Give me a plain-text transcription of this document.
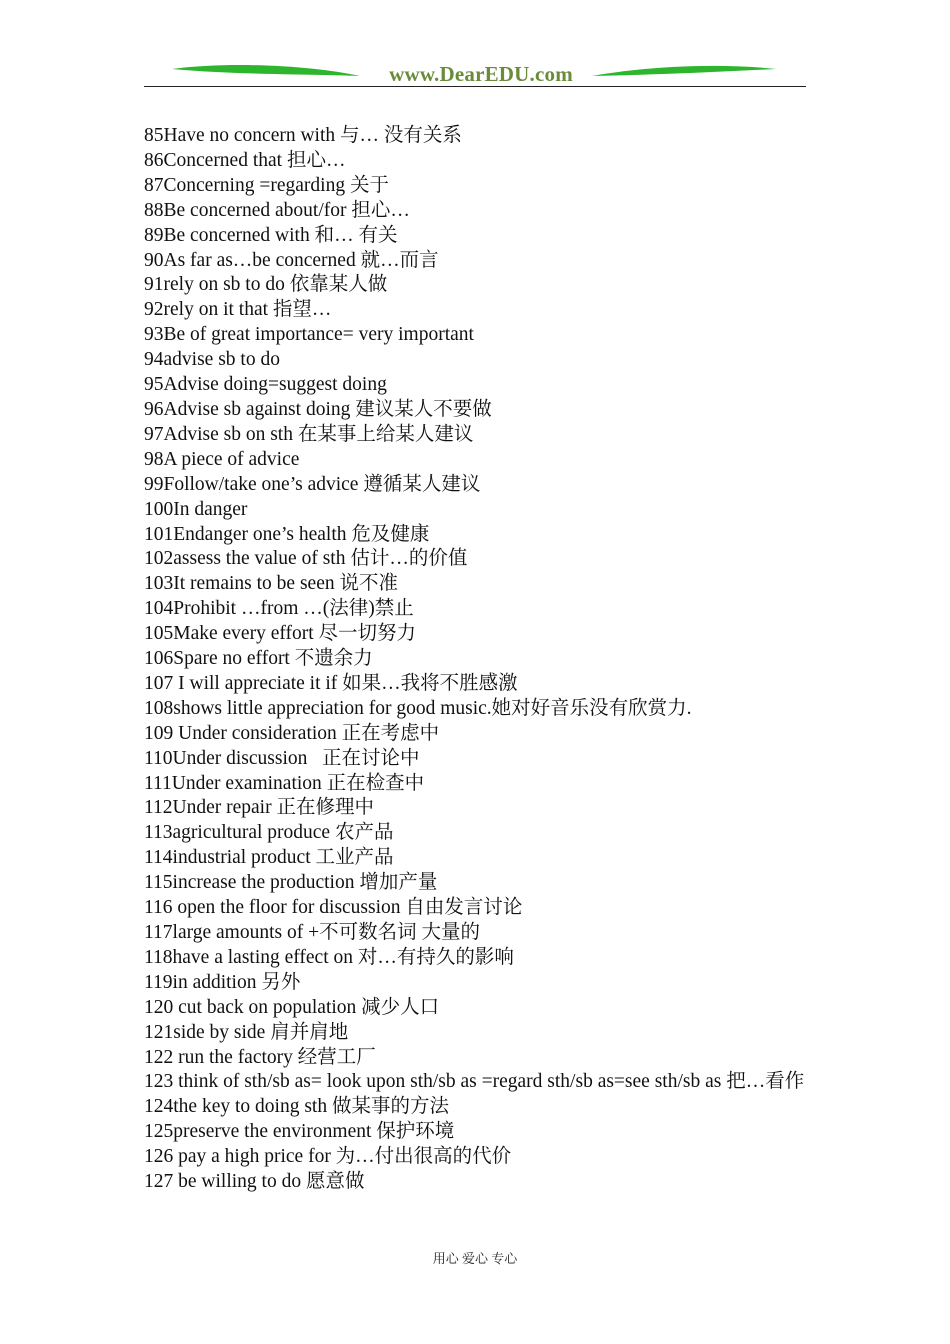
www.DearEDU.com
85Have no concern with 与… 没有关系
86Concerned that 担心…
87Concerning =regarding 关于
88Be concerned about/for 担心…
89Be concerned with 和… 有关
90As far as…be concerned 就…而言
91rely on sb to do 依靠某人做
92rely on it that 指望…
93Be of great importance= very important
94advise sb to do
95Advise doing=suggest doing
96Advise sb against doing 建议某人不要做
97Advise sb on sth 在某事上给某人建议
98A piece of advice
99Follow/take one’s advice 遵循某人建议
100In danger
101Endanger one’s health 危及健康
102assess the value of sth 估计…的价值
103It remains to be seen 说不准
104Prohibit …from …(法律)禁止
105Make every effort 尽一切努力
106Spare no effort 不遗余力
107 I will appreciate it if 如果…我将不胜感激
108shows little appreciation for good music.她对好音乐没有欣赏力.
109 Under consideration 正在考虑中
110Under discussion   正在讨论中
111Under examination 正在检查中
112Under repair 正在修理中
113agricultural produce 农产品
114industrial product 工业产品
115increase the production 增加产量
116 open the floor for discussion 自由发言讨论
117large amounts of +不可数名词 大量的
118have a lasting effect on 对…有持久的影响
119in addition 另外
120 cut back on population 减少人口
121side by side 肩并肩地
122 run the factory 经营工厂
123 think of sth/sb as= look upon sth/sb as =regard sth/sb as=see sth/sb as 把…看作
124the key to doing sth 做某事的方法
125preserve the environment 保护环境
126 pay a high price for 为…付出很高的代价
127 be willing to do 愿意做
用心 爱心 专心
